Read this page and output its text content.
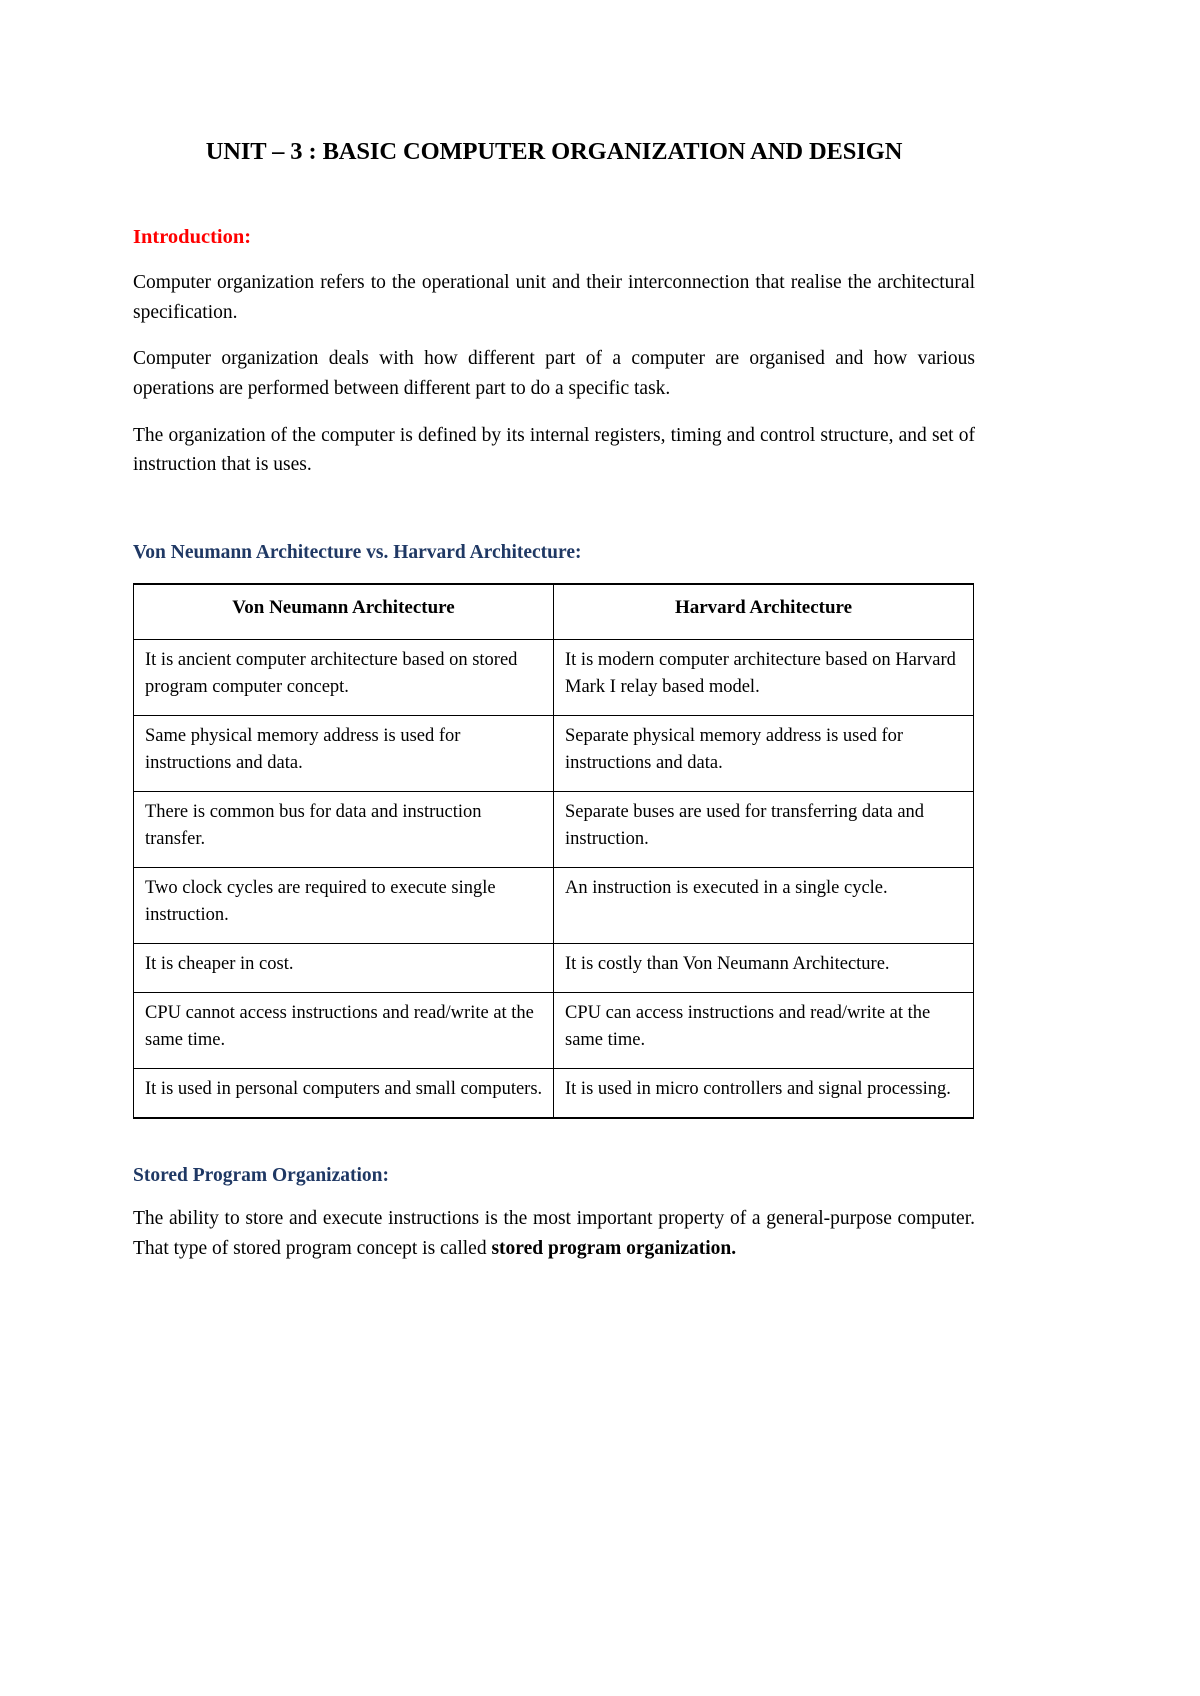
UNIT – 3 : BASIC COMPUTER ORGANIZATION AND DESIGN
Introduction:

Computer organization refers to the operational unit and their interconnection that realise the architectural specification.

Computer organization deals with how different part of a computer are organised and how various operations are performed between different part to do a specific task.

The organization of the computer is defined by its internal registers, timing and control structure, and set of instruction that is uses.

Von Neumann Architecture vs. Harvard Architecture:
Von Neumann Architecture	Harvard Architecture
It is ancient computer architecture based on stored program computer concept.	It is modern computer architecture based on Harvard Mark I relay based model.
Same physical memory address is used for instructions and data.	Separate physical memory address is used for instructions and data.
There is common bus for data and instruction transfer.	Separate buses are used for transferring data and instruction.
Two clock cycles are required to execute single instruction.	An instruction is executed in a single cycle.
It is cheaper in cost.	It is costly than Von Neumann Architecture.
CPU cannot access instructions and read/write at the same time.	CPU can access instructions and read/write at the same time.
It is used in personal computers and small computers.	It is used in micro controllers and signal processing.
Stored Program Organization:

The ability to store and execute instructions is the most important property of a general-purpose computer. That type of stored program concept is called stored program organization.
